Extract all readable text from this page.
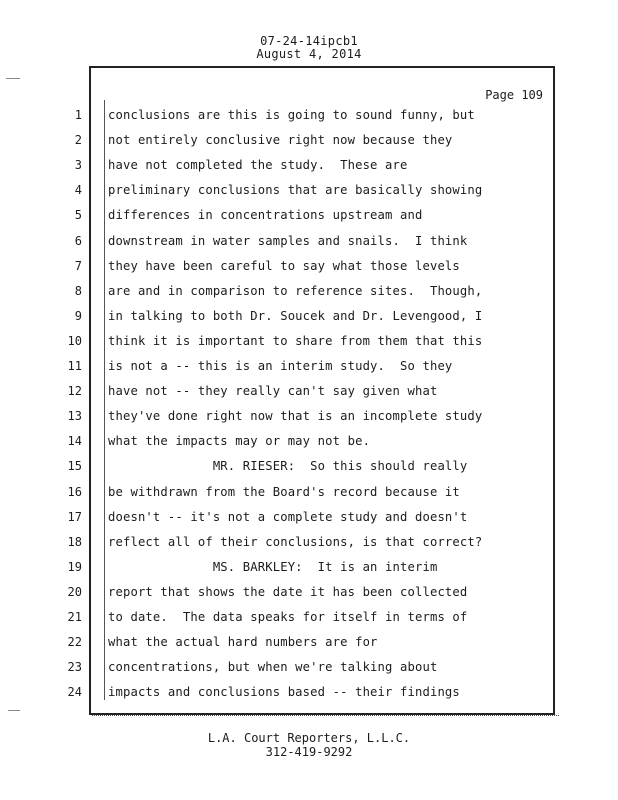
07-24-14ipcb1
August 4, 2014
Page 109
1 conclusions are this is going to sound funny, but
2 not entirely conclusive right now because they
3 have not completed the study.  These are
4 preliminary conclusions that are basically showing
5 differences in concentrations upstream and
6 downstream in water samples and snails.  I think
7 they have been careful to say what those levels
8 are and in comparison to reference sites.  Though,
9 in talking to both Dr. Soucek and Dr. Levengood, I
10 think it is important to share from them that this
11 is not a -- this is an interim study.  So they
12 have not -- they really can't say given what
13 they've done right now that is an incomplete study
14 what the impacts may or may not be.
15 MR. RIESER:  So this should really
16 be withdrawn from the Board's record because it
17 doesn't -- it's not a complete study and doesn't
18 reflect all of their conclusions, is that correct?
19 MS. BARKLEY:  It is an interim
20 report that shows the date it has been collected
21 to date.  The data speaks for itself in terms of
22 what the actual hard numbers are for
23 concentrations, but when we're talking about
24 impacts and conclusions based -- their findings
L.A. Court Reporters, L.L.C.
312-419-9292
